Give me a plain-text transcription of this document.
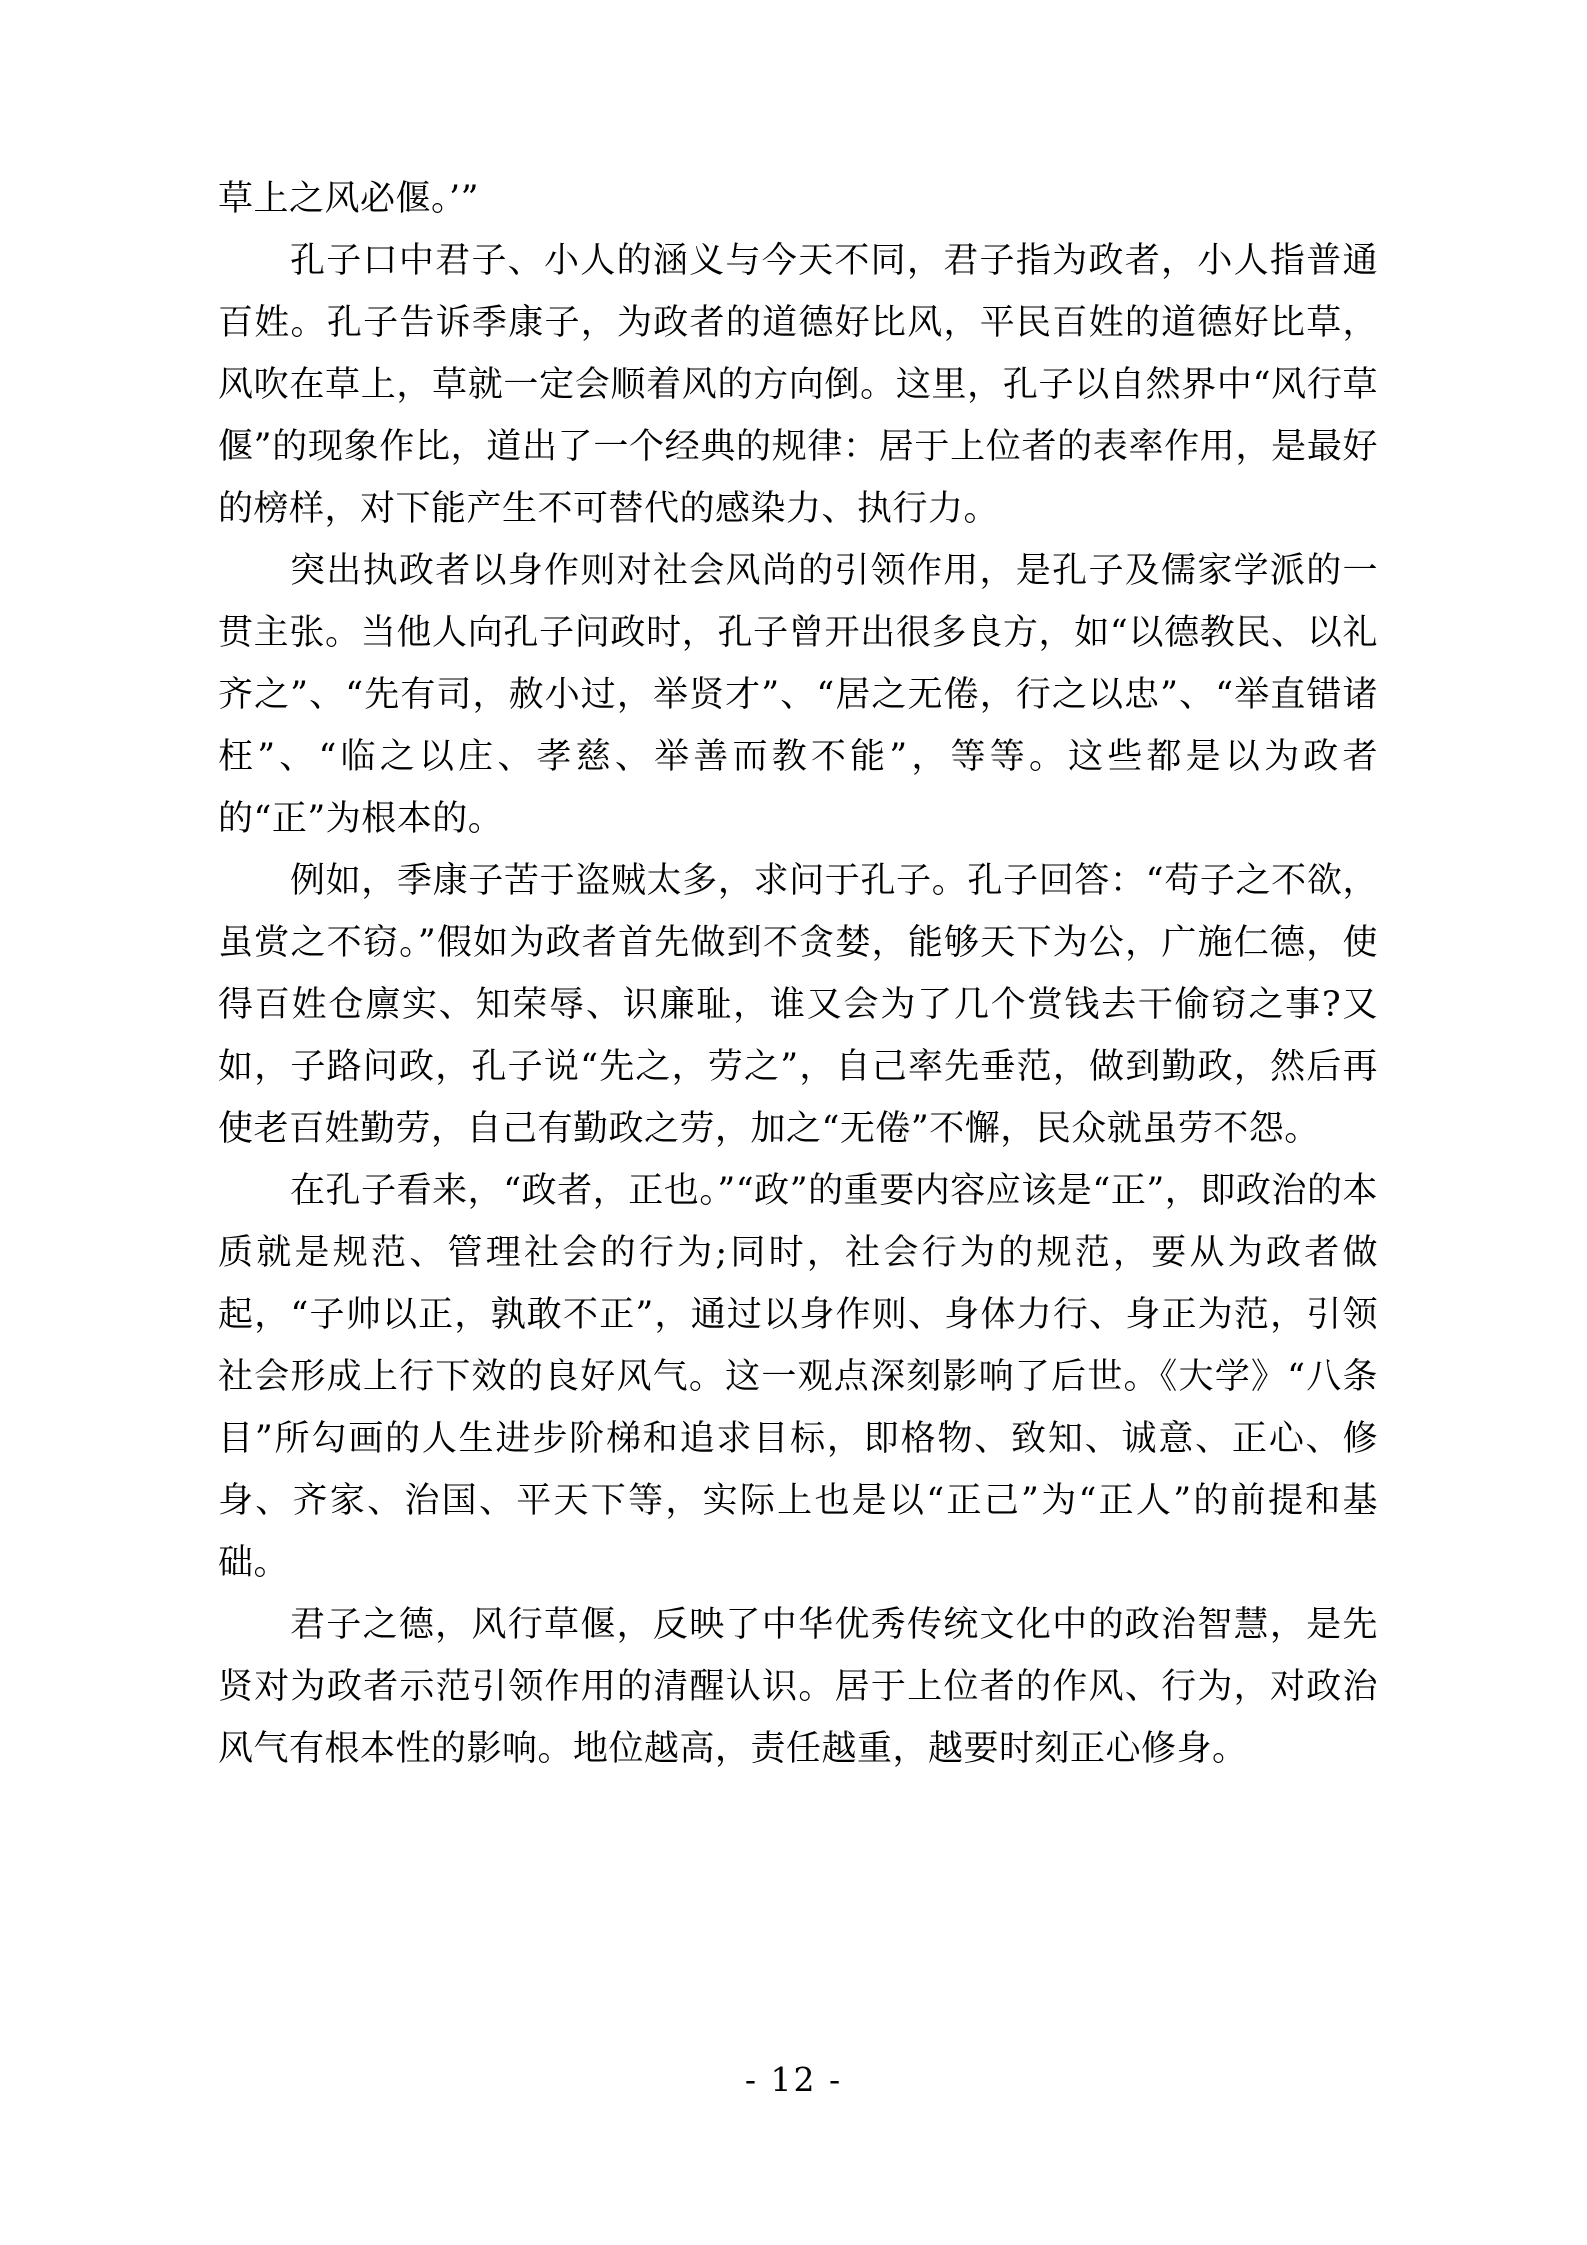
草上之风必偃。’”

孔子口中君子、小人的涵义与今天不同，君子指为政者，小人指普通百姓。孔子告诉季康子，为政者的道德好比风，平民百姓的道德好比草，风吹在草上，草就一定会顺着风的方向倒。这里，孔子以自然界中“风行草偃”的现象作比，道出了一个经典的规律：居于上位者的表率作用，是最好的榜样，对下能产生不可替代的感染力、执行力。

突出执政者以身作则对社会风尚的引领作用，是孔子及儒家学派的一贯主张。当他人向孔子问政时，孔子曾开出很多良方，如“以德教民、以礼齐之”、“先有司，赦小过，举贤才”、“居之无倦，行之以忠”、“举直错诸枉”、“临之以庄、孝慈、举善而教不能”，等等。这些都是以为政者的“正”为根本的。

例如，季康子苦于盗贼太多，求问于孔子。孔子回答：“苟子之不欲，虽赏之不窃。”假如为政者首先做到不贪婪，能够天下为公，广施仁德，使得百姓仓廪实、知荣辱、识廉耻，谁又会为了几个赏钱去干偷窃之事?又如，子路问政，孔子说“先之，劳之”，自己率先垂范，做到勤政，然后再使老百姓勤劳，自己有勤政之劳，加之“无倦”不懈，民众就虽劳不怨。

在孔子看来，“政者，正也。”“政”的重要内容应该是“正”，即政治的本质就是规范、管理社会的行为;同时，社会行为的规范，要从为政者做起，“子帅以正，孰敢不正”，通过以身作则、身体力行、身正为范，引领社会形成上行下效的良好风气。这一观点深刻影响了后世。《大学》“八条目”所勾画的人生进步阶梯和追求目标，即格物、致知、诚意、正心、修身、齐家、治国、平天下等，实际上也是以“正己”为“正人”的前提和基础。

君子之德，风行草偃，反映了中华优秀传统文化中的政治智慧，是先贤对为政者示范引领作用的清醒认识。居于上位者的作风、行为，对政治风气有根本性的影响。地位越高，责任越重，越要时刻正心修身。

- 12 -
